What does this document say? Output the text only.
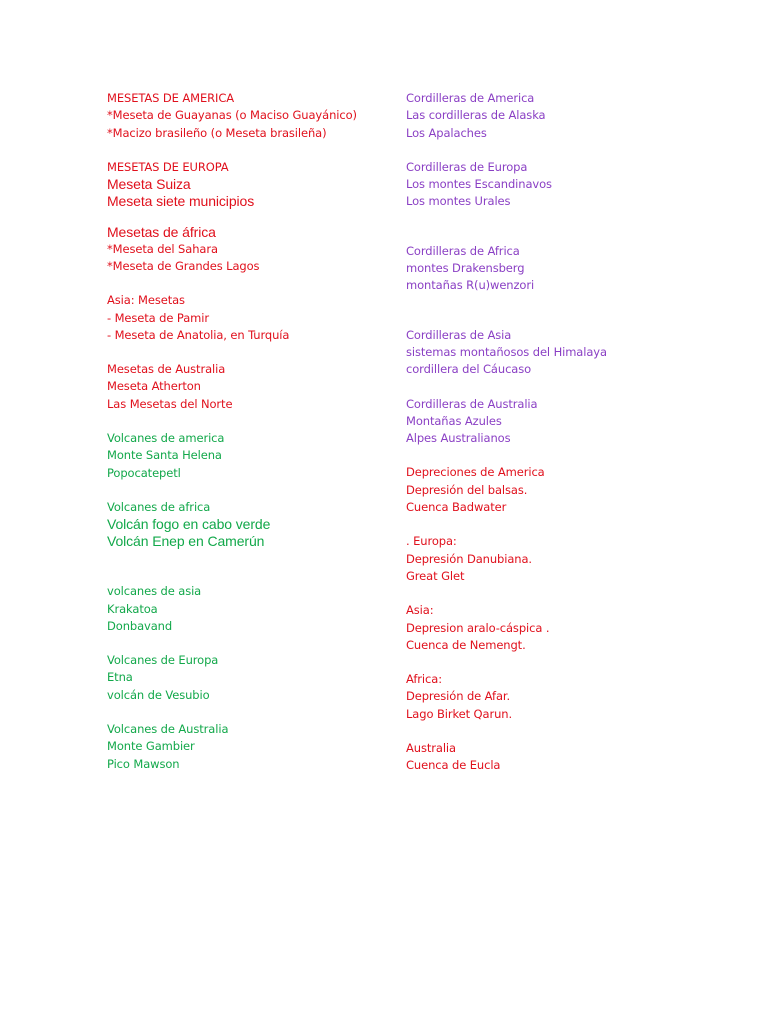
MESETAS DE AMERICA
*Meseta de Guayanas (o Maciso Guayánico)
*Macizo brasileño (o Meseta brasileña)
MESETAS DE EUROPA
Meseta Suiza
Meseta siete municipios
Mesetas de áfrica
*Meseta del Sahara
*Meseta de Grandes Lagos
Asia: Mesetas
- Meseta de Pamir
- Meseta de Anatolia, en Turquía
Mesetas de Australia
Meseta Atherton
Las Mesetas del Norte
Volcanes de america
Monte Santa Helena
Popocatepetl
Volcanes de africa
Volcán fogo en cabo verde
Volcán Enep en Camerún
volcanes de asia
Krakatoa
Donbavand
Volcanes de Europa
Etna
volcán de Vesubio
Volcanes de Australia
Monte Gambier
Pico Mawson
Cordilleras de America
Las cordilleras de Alaska
Los Apalaches
Cordilleras de Europa
Los montes Escandinavos
Los montes Urales
Cordilleras de Africa
montes Drakensberg
montañas R(u)wenzori
Cordilleras de Asia
sistemas montañosos del Himalaya
cordillera del Cáucaso
Cordilleras de Australia
Montañas Azules
Alpes Australianos
Depreciones de America
Depresión del balsas.
Cuenca Badwater
. Europa:
Depresión Danubiana.
Great Glet
Asia:
Depresion aralo-cáspica .
Cuenca de Nemengt.
Africa:
Depresión de Afar.
Lago Birket Qarun.
Australia
Cuenca de Eucla
